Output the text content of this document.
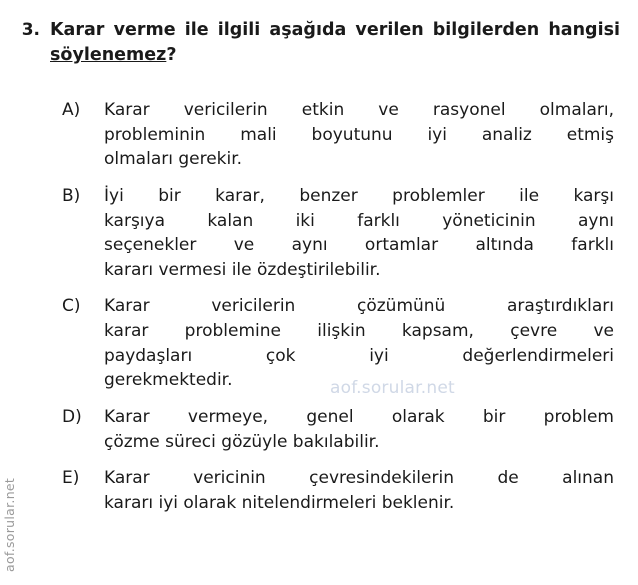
aof.sorular.net
3. Karar verme ile ilgili aşağıda verilen bilgilerden hangisi söylenemez?
A)	Karar vericilerin etkin ve rasyonel olmaları,
probleminin mali boyutunu iyi analiz etmiş
olmaları gerekir.
B)	İyi bir karar, benzer problemler ile karşı
karşıya kalan iki farklı yöneticinin aynı
seçenekler ve aynı ortamlar altında farklı
kararı vermesi ile özdeştirilebilir.
C)	Karar vericilerin çözümünü araştırdıkları
karar problemine ilişkin kapsam, çevre ve
paydaşları çok iyi değerlendirmeleri
gerekmektedir.
D)	Karar vermeye, genel olarak bir problem
çözme süreci gözüyle bakılabilir.
E)	Karar vericinin çevresindekilerin de alınan
kararı iyi olarak nitelendirmeleri beklenir.
aof.sorular.net
